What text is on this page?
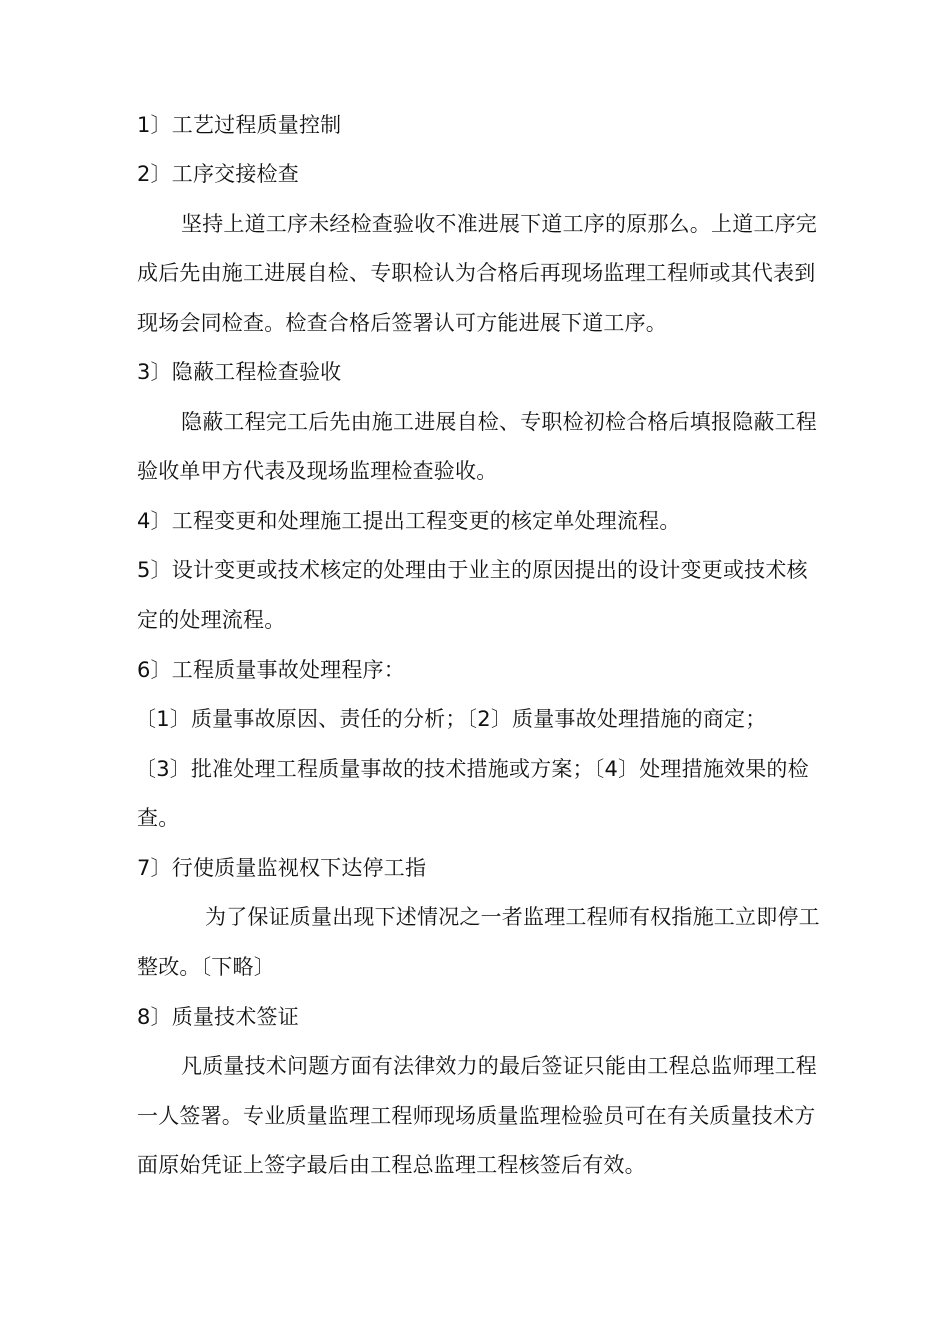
1〕工艺过程质量控制
2〕工序交接检查
坚持上道工序未经检查验收不准进展下道工序的原那么。上道工序完
成后先由施工进展自检、专职检认为合格后再现场监理工程师或其代表到
现场会同检查。检查合格后签署认可方能进展下道工序。
3〕隐蔽工程检查验收
隐蔽工程完工后先由施工进展自检、专职检初检合格后填报隐蔽工程
验收单甲方代表及现场监理检查验收。
4〕工程变更和处理施工提出工程变更的核定单处理流程。
5〕设计变更或技术核定的处理由于业主的原因提出的设计变更或技术核
定的处理流程。
6〕工程质量事故处理程序：
〔1〕质量事故原因、责任的分析；〔2〕质量事故处理措施的商定；
〔3〕批准处理工程质量事故的技术措施或方案；〔4〕处理措施效果的检
查。
7〕行使质量监视权下达停工指
为了保证质量出现下述情况之一者监理工程师有权指施工立即停工
整改。〔下略〕
8〕质量技术签证
凡质量技术问题方面有法律效力的最后签证只能由工程总监师理工程
一人签署。专业质量监理工程师现场质量监理检验员可在有关质量技术方
面原始凭证上签字最后由工程总监理工程核签后有效。
